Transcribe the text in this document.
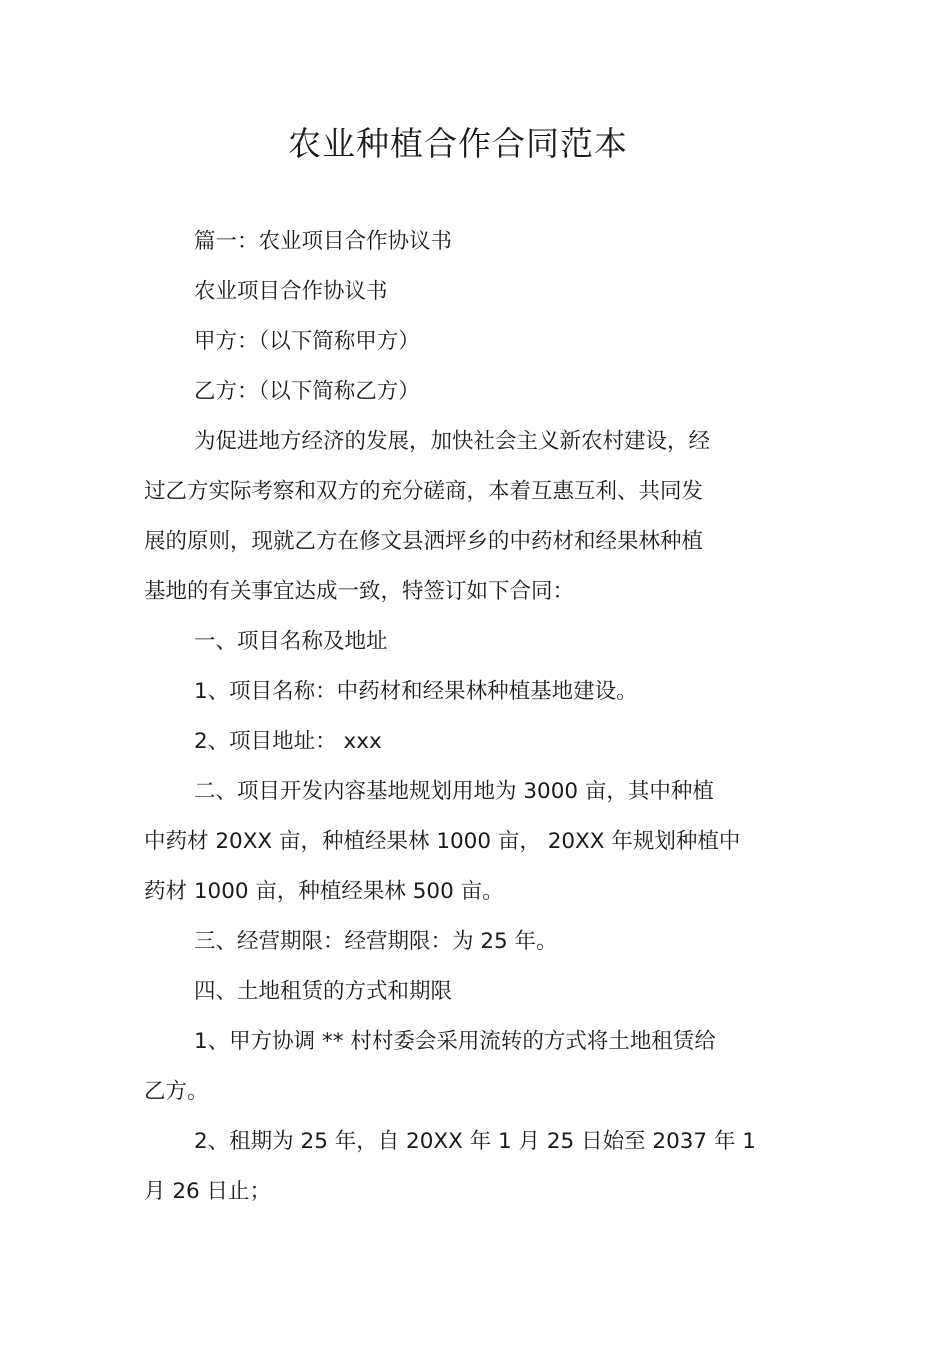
农业种植合作合同范本
篇一：农业项目合作协议书
农业项目合作协议书
甲方：（以下简称甲方）
乙方：（以下简称乙方）
为促进地方经济的发展，加快社会主义新农村建设，经
过乙方实际考察和双方的充分磋商，本着互惠互利、共同发
展的原则，现就乙方在修文县洒坪乡的中药材和经果林种植
基地的有关事宜达成一致，特签订如下合同：
一、项目名称及地址
1、项目名称：中药材和经果林种植基地建设。
2、项目地址： xxx
二、项目开发内容基地规划用地为 3000 亩，其中种植
中药材 20XX 亩，种植经果林 1000 亩， 20XX 年规划种植中
药材 1000 亩，种植经果林 500 亩。
三、经营期限：经营期限：为 25 年。
四、土地租赁的方式和期限
1、甲方协调 ** 村村委会采用流转的方式将土地租赁给
乙方。
2、租期为 25 年，自 20XX 年 1 月 25 日始至 2037 年 1
月 26 日止；
